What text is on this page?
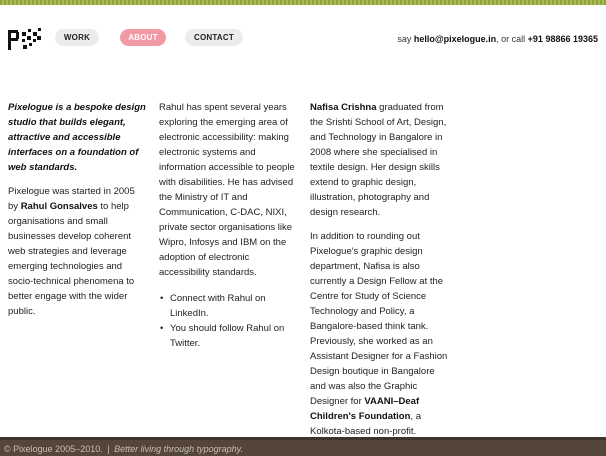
WORK	ABOUT	CONTACT	say hello@pixelogue.in, or call +91 98866 19365

Pixelogue is a bespoke design studio that builds elegant, attractive and accessible interfaces on a foundation of web standards.

Pixelogue was started in 2005 by Rahul Gonsalves to help organisations and small businesses develop coherent web strategies and leverage emerging technologies and socio-technical phenomena to better engage with the wider public.

Rahul has spent several years exploring the emerging area of electronic accessibility: making electronic systems and information accessible to people with disabilities. He has advised the Ministry of IT and Communication, C-DAC, NIXI, private sector organisations like Wipro, Infosys and IBM on the adoption of electronic accessibility standards.

• Connect with Rahul on LinkedIn.
• You should follow Rahul on Twitter.

Nafisa Crishna graduated from the Srishti School of Art, Design, and Technology in Bangalore in 2008 where she specialised in textile design. Her design skills extend to graphic design, illustration, photography and design research.

In addition to rounding out Pixelogue's graphic design department, Nafisa is also currently a Design Fellow at the Centre for Study of Science Technology and Policy, a Bangalore-based think tank. Previously, she worked as an Assistant Designer for a Fashion Design boutique in Bangalore and was also the Graphic Designer for VAANI–Deaf Children's Foundation, a Kolkota-based non-profit.

© Pixelogue 2005–2010. | Better living through typography.
